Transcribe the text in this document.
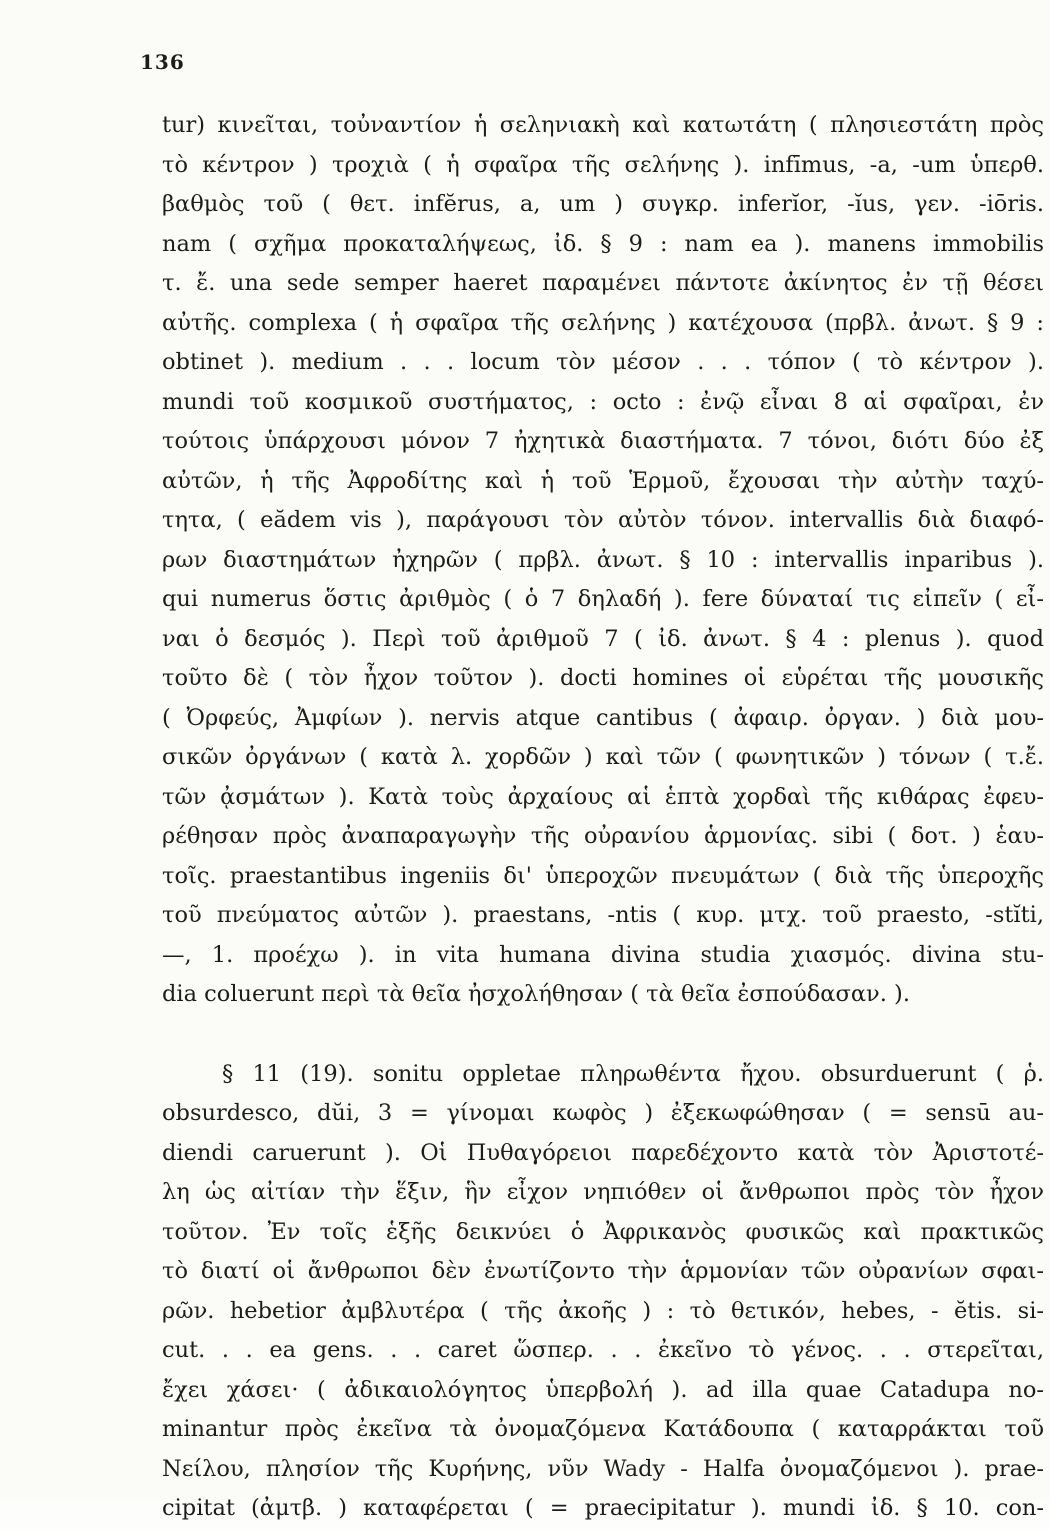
136
tur) κινεῖται, τοὐναντίον ἡ σεληνιακὴ καὶ κατωτάτη ( πλησιεστάτη πρὸς
τὸ κέντρον ) τροχιὰ ( ἡ σφαῖρα τῆς σελήνης ). infīmus, -a, -um ὑπερθ.
βαθμὸς τοῦ ( θετ. infĕrus, a, um ) συγκρ. inferĭor, -ĭus, γεν. -iōris.
nam ( σχῆμα προκαταλήψεως, ἰδ. § 9 : nam ea ). manens immobilis
τ. ἔ. una sede semper haeret παραμένει πάντοτε ἀκίνητος ἐν τῇ θέσει
αὐτῆς. complexa ( ἡ σφαῖρα τῆς σελήνης ) κατέχουσα (πρβλ. ἀνωτ. § 9 :
obtinet ). medium . . . locum τὸν μέσον . . . τόπον ( τὸ κέντρον ).
mundi τοῦ κοσμικοῦ συστήματος, : octo : ἐνῷ εἶναι 8 αἱ σφαῖραι, ἐν
τούτοις ὑπάρχουσι μόνον 7 ἠχητικὰ διαστήματα. 7 τόνοι, διότι δύο ἐξ
αὐτῶν, ἡ τῆς Ἀφροδίτης καὶ ἡ τοῦ Ἑρμοῦ, ἔχουσαι τὴν αὐτὴν ταχύ-
τητα, ( eădem vis ), παράγουσι τὸν αὐτὸν τόνον. intervallis διὰ διαφό-
ρων διαστημάτων ἠχηρῶν ( πρβλ. ἀνωτ. § 10 : intervallis inparibus ).
qui numerus ὅστις ἀριθμὸς ( ὁ 7 δηλαδή ). fere δύναταί τις εἰπεῖν ( εἶ-
ναι ὁ δεσμός ). Περὶ τοῦ ἀριθμοῦ 7 ( ἰδ. ἀνωτ. § 4 : plenus ). quod
τοῦτο δὲ ( τὸν ἦχον τοῦτον ). docti homines οἱ εὑρέται τῆς μουσικῆς
( Ὀρφεύς, Ἀμφίων ). nervis atque cantibus ( ἀφαιρ. ὀργαν. ) διὰ μου-
σικῶν ὀργάνων ( κατὰ λ. χορδῶν ) καὶ τῶν ( φωνητικῶν ) τόνων ( τ.ἔ.
τῶν ᾀσμάτων ). Κατὰ τοὺς ἀρχαίους αἱ ἑπτὰ χορδαὶ τῆς κιθάρας ἐφευ-
ρέθησαν πρὸς ἀναπαραγωγὴν τῆς οὐρανίου ἁρμονίας. sibi ( δοτ. ) ἑαυ-
τοῖς. praestantibus ingeniis δι' ὑπεροχῶν πνευμάτων ( διὰ τῆς ὑπεροχῆς
τοῦ πνεύματος αὐτῶν ). praestans, -ntis ( κυρ. μτχ. τοῦ praesto, -stĭti,
—, 1. προέχω ). in vita humana divina studia χιασμός. divina stu-
dia coluerunt περὶ τὰ θεῖα ἠσχολήθησαν ( τὰ θεῖα ἐσπούδασαν. ).
§ 11 (19). sonitu oppletae πληρωθέντα ἤχου. obsurduerunt ( ῥ.
obsurdesco, dŭi, 3 = γίνομαι κωφὸς ) ἐξεκωφώθησαν ( = sensū au-
diendi caruerunt ). Οἱ Πυθαγόρειοι παρεδέχοντο κατὰ τὸν Ἀριστοτέ-
λη ὡς αἰτίαν τὴν ἕξιν, ἣν εἶχον νηπιόθεν οἱ ἄνθρωποι πρὸς τὸν ἦχον
τοῦτον. Ἐν τοῖς ἑξῆς δεικνύει ὁ Ἀφρικανὸς φυσικῶς καὶ πρακτικῶς
τὸ διατί οἱ ἄνθρωποι δὲν ἐνωτίζοντο τὴν ἁρμονίαν τῶν οὐρανίων σφαι-
ρῶν. hebetior ἀμβλυτέρα ( τῆς ἀκοῆς ) : τὸ θετικόν, hebes, - ĕtis. si-
cut. . . ea gens. . . caret ὥσπερ. . . ἐκεῖνο τὸ γένος. . . στερεῖται,
ἔχει χάσει· ( ἀδικαιολόγητος ὑπερβολή ). ad illa quae Catadupa no-
minantur πρὸς ἐκεῖνα τὰ ὀνομαζόμενα Κατάδουπα ( καταρράκται τοῦ
Νείλου, πλησίον τῆς Κυρήνης, νῦν Wady - Halfa ὀνομαζόμενοι ). prae-
cipitat (ἀμτβ. ) καταφέρεται ( = praecipitatur ). mundi ἰδ. § 10. con-
